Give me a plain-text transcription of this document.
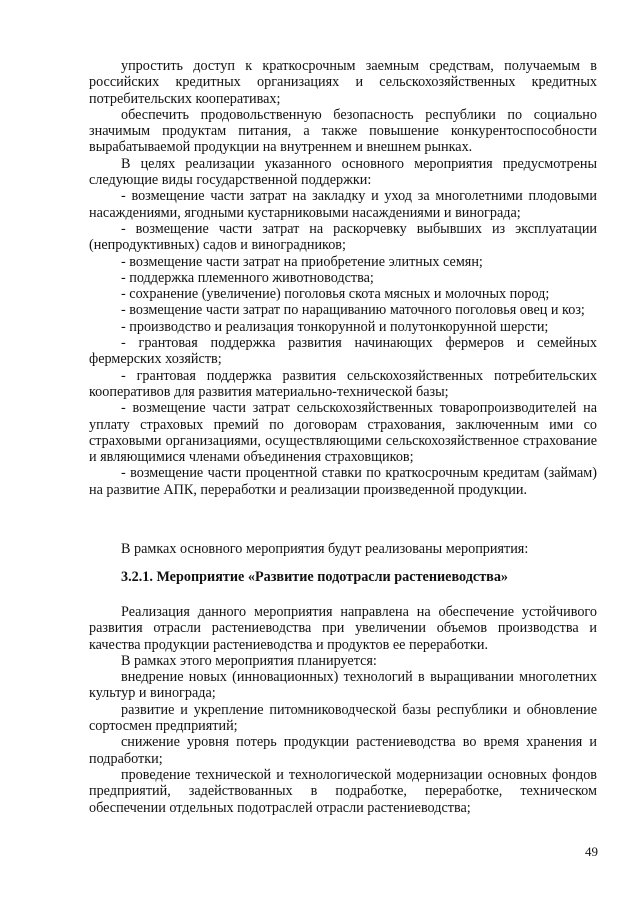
упростить доступ к краткосрочным заемным средствам, получаемым в российских кредитных организациях и сельскохозяйственных кредитных потребительских кооперативах;

обеспечить продовольственную безопасность республики по социально значимым продуктам питания, а также повышение конкурентоспособности вырабатываемой продукции на внутреннем и внешнем рынках.

В целях реализации указанного основного мероприятия предусмотрены следующие виды государственной поддержки:

- возмещение части затрат на закладку и уход за многолетними плодовыми насаждениями, ягодными кустарниковыми насаждениями и винограда;

- возмещение части затрат на раскорчевку выбывших из эксплуатации (непродуктивных) садов и виноградников;

- возмещение части затрат на приобретение элитных семян;

- поддержка племенного животноводства;

- сохранение (увеличение) поголовья скота мясных и молочных пород;

- возмещение части затрат по наращиванию маточного поголовья овец и коз;

- производство и реализация тонкорунной и полутонкорунной шерсти;

- грантовая поддержка развития начинающих фермеров и семейных фермерских хозяйств;

- грантовая поддержка развития сельскохозяйственных потребительских кооперативов для развития материально-технической базы;

- возмещение части затрат сельскохозяйственных товаропроизводителей на уплату страховых премий по договорам страхования, заключенным ими со страховыми организациями, осуществляющими сельскохозяйственное страхование и являющимися членами объединения страховщиков;

- возмещение части процентной ставки по краткосрочным кредитам (займам) на развитие АПК, переработки и реализации произведенной продукции.

В рамках основного мероприятия будут реализованы мероприятия:

3.2.1. Мероприятие «Развитие подотрасли растениеводства»

Реализация данного мероприятия направлена на обеспечение устойчивого развития отрасли растениеводства при увеличении объемов производства и качества продукции растениеводства и продуктов ее переработки.

В рамках этого мероприятия планируется:

внедрение новых (инновационных) технологий в выращивании многолетних культур и винограда;

развитие и укрепление питомниководческой базы республики и обновление сортосмен предприятий;

снижение уровня потерь продукции растениеводства во время хранения и подработки;

проведение технической и технологической модернизации основных фондов предприятий, задействованных в подработке, переработке, техническом обеспечении отдельных подотраслей отрасли растениеводства;

49
